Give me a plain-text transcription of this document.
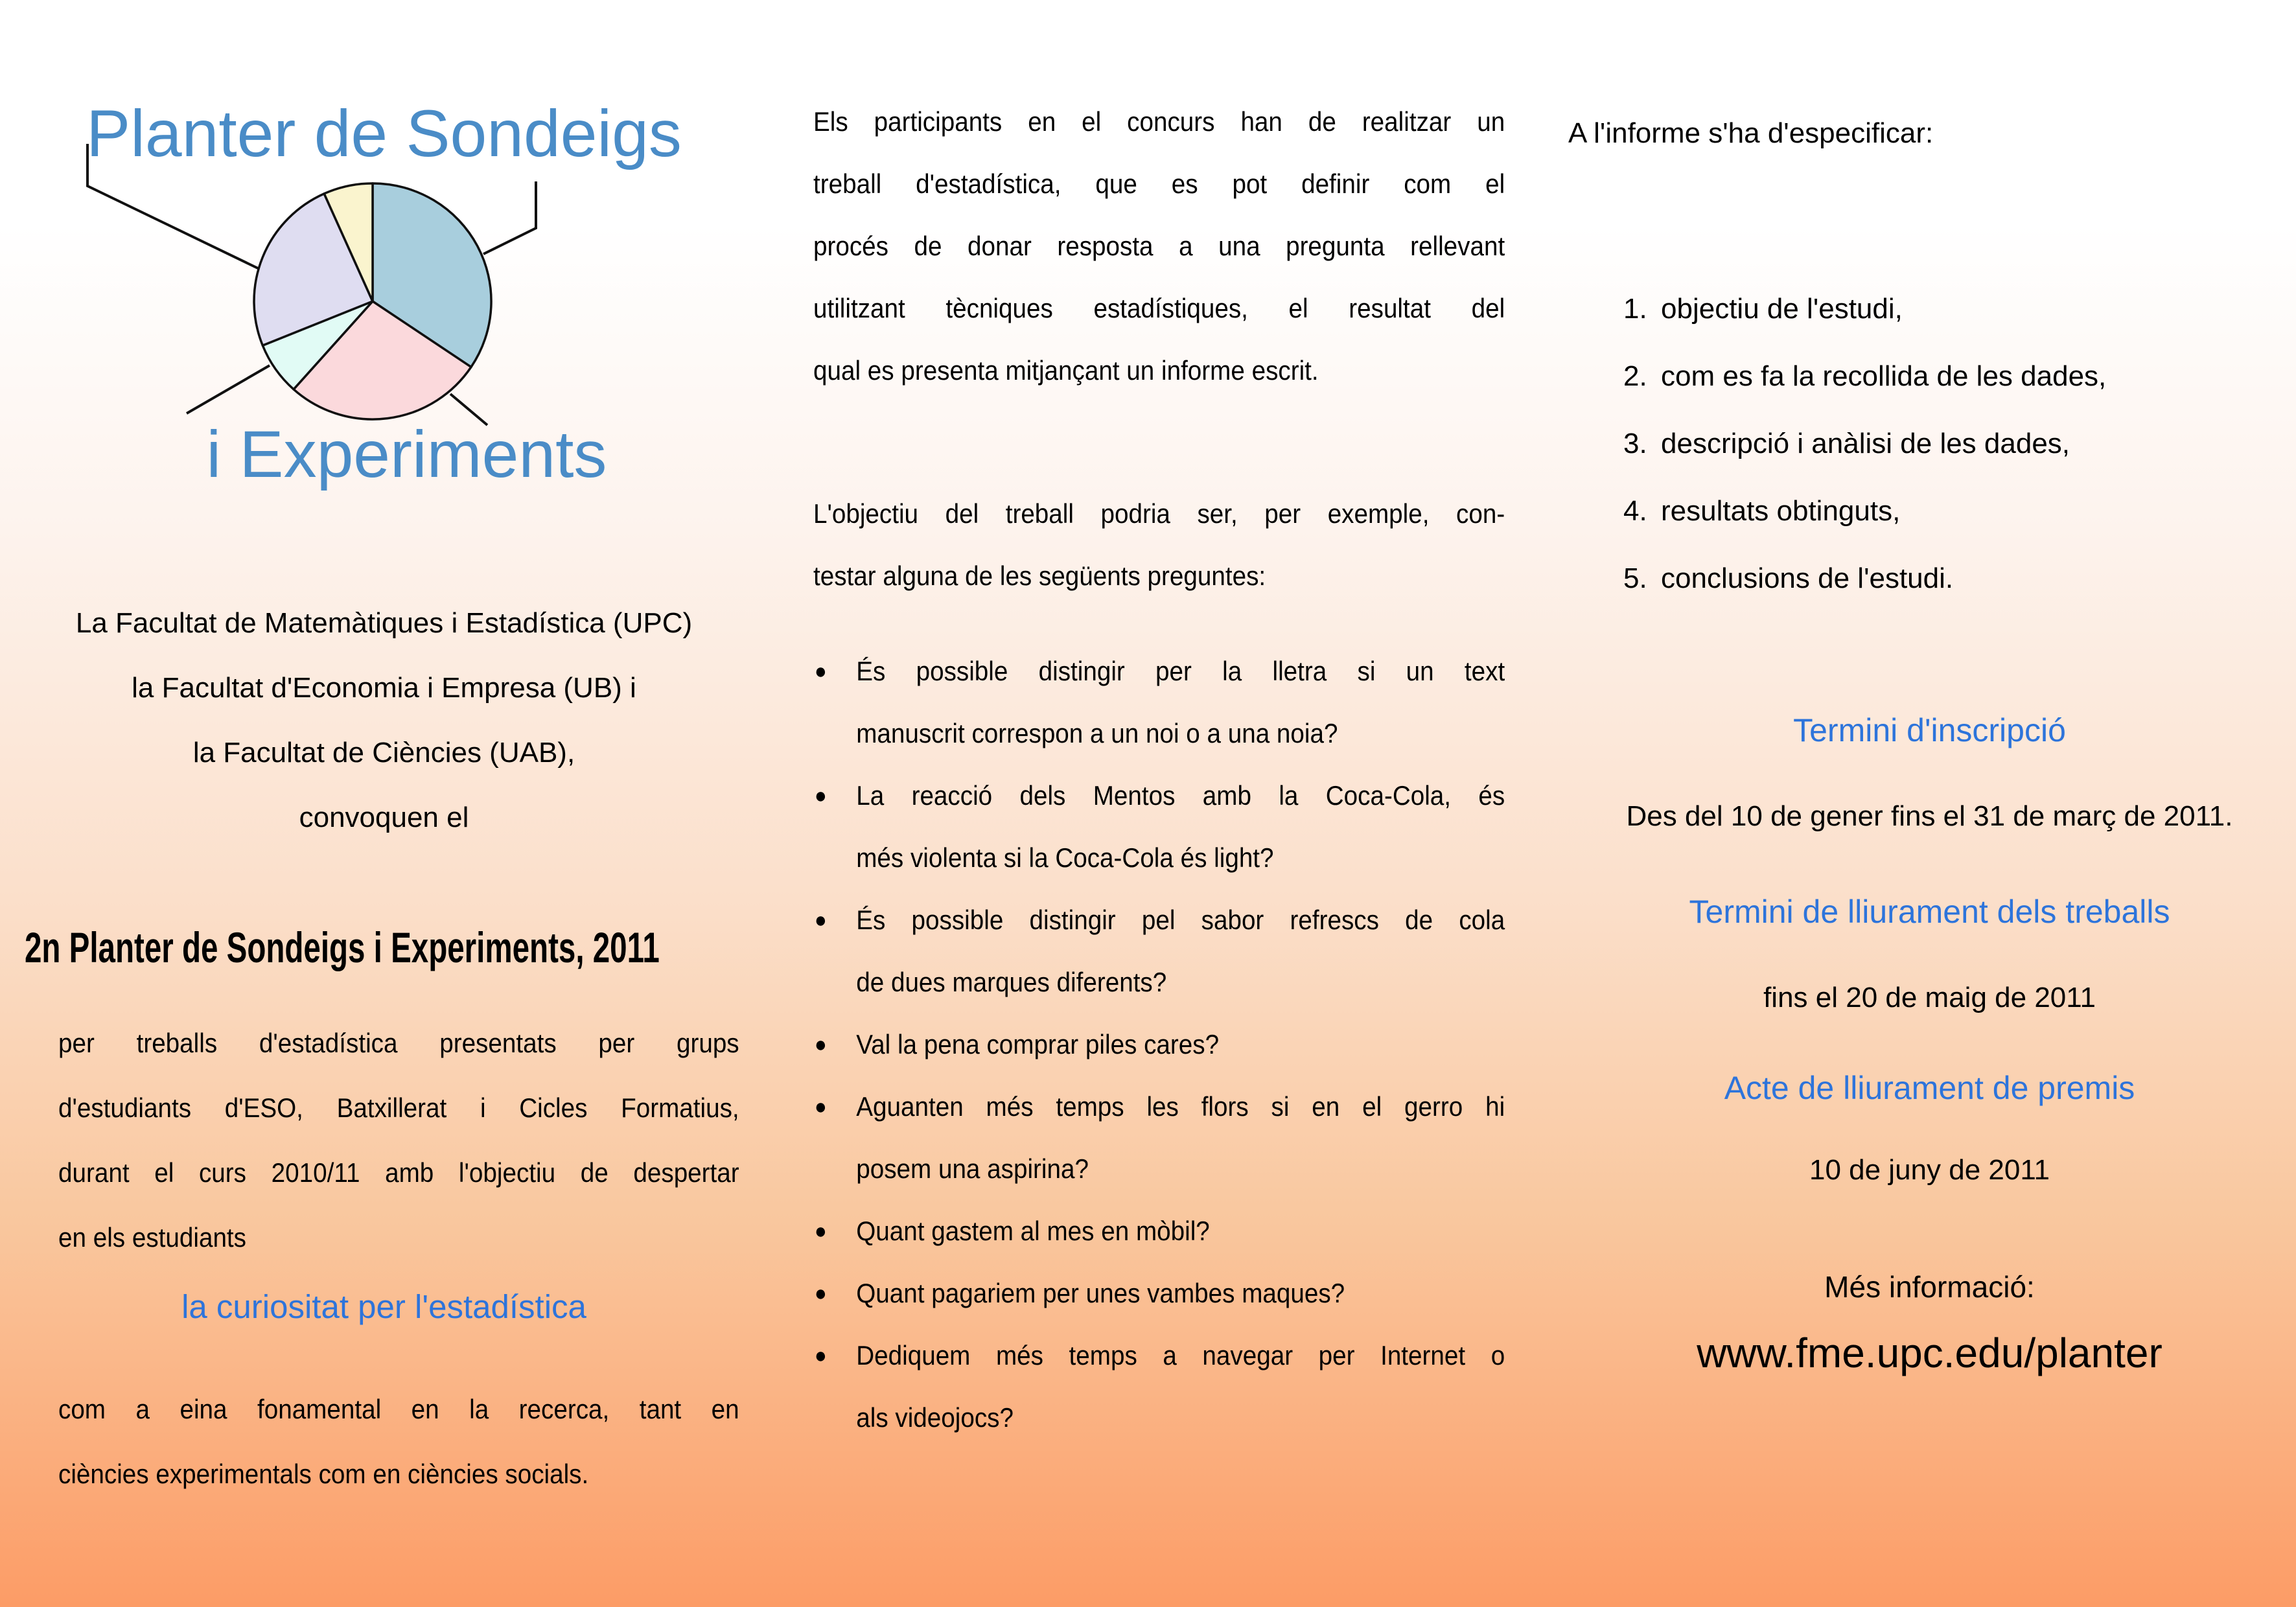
Planter de Sondeigs
i Experiments
La Facultat de Matemàtiques i Estadística (UPC)
la Facultat d'Economia i Empresa (UB) i
la Facultat de Ciències (UAB),
convoquen el
2n Planter de Sondeigs i Experiments, 2011
per treballs d'estadística presentats per grups
d'estudiants d'ESO, Batxillerat i Cicles Formatius,
durant el curs 2010/11 amb l'objectiu de despertar
en els estudiants
la curiositat per l'estadística
com a eina fonamental en la recerca, tant en
ciències experimentals com en ciències socials.
Els participants en el concurs han de realitzar un
treball d'estadística, que es pot definir com el
procés de donar resposta a una pregunta rellevant
utilitzant tècniques estadístiques, el resultat del
qual es presenta mitjançant un informe escrit.
L'objectiu del treball podria ser, per exemple, con-
testar alguna de les següents preguntes:
● És possible distingir per la lletra si un text
manuscrit correspon a un noi o a una noia?
● La reacció dels Mentos amb la Coca-Cola, és
més violenta si la Coca-Cola és light?
● És possible distingir pel sabor refrescs de cola
de dues marques diferents?
● Val la pena comprar piles cares?
● Aguanten més temps les flors si en el gerro hi
posem una aspirina?
● Quant gastem al mes en mòbil?
● Quant pagariem per unes vambes maques?
● Dediquem més temps a navegar per Internet o
als videojocs?
A l'informe s'ha d'especificar:
1. objectiu de l'estudi,
2. com es fa la recollida de les dades,
3. descripció i anàlisi de les dades,
4. resultats obtinguts,
5. conclusions de l'estudi.
Termini d'inscripció
Des del 10 de gener fins el 31 de març de 2011.
Termini de lliurament dels treballs
fins el 20 de maig de 2011
Acte de lliurament de premis
10 de juny de 2011
Més informació:
www.fme.upc.edu/planter
